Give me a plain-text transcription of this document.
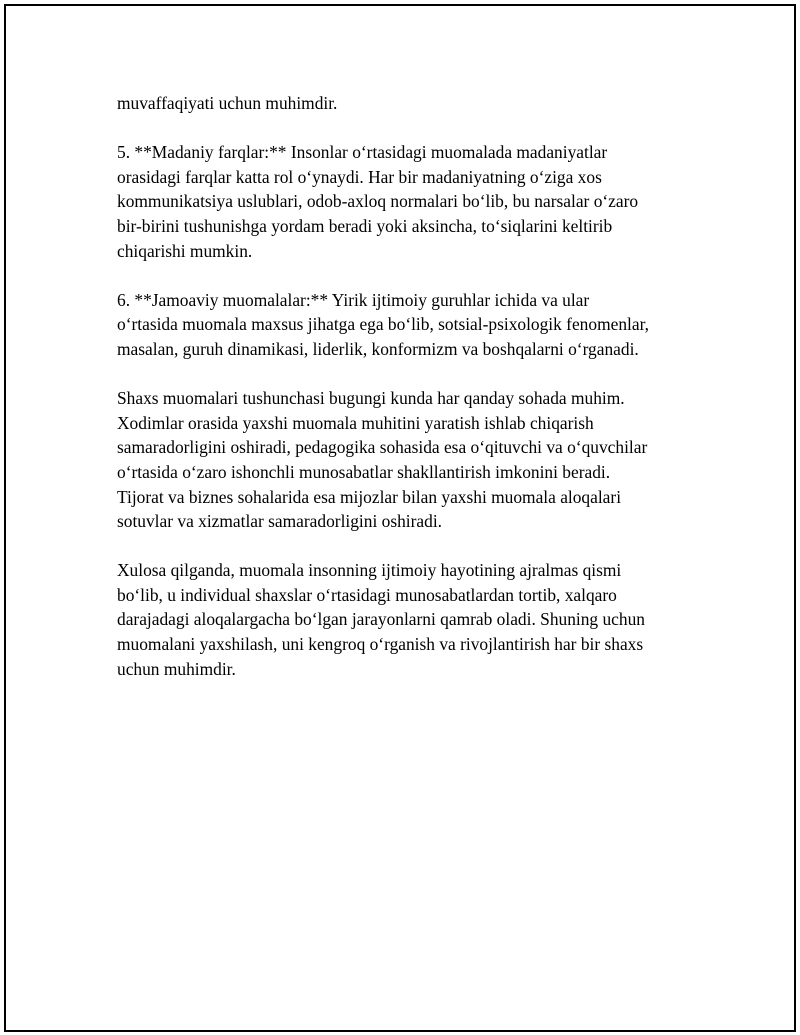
muvaffaqiyati uchun muhimdir.

5. **Madaniy farqlar:** Insonlar o‘rtasidagi muomalada madaniyatlar
orasidagi farqlar katta rol o‘ynaydi. Har bir madaniyatning o‘ziga xos
kommunikatsiya uslublari, odob-axloq normalari bo‘lib, bu narsalar o‘zaro
bir-birini tushunishga yordam beradi yoki aksincha, to‘siqlarini keltirib
chiqarishi mumkin.

6. **Jamoaviy muomalalar:** Yirik ijtimoiy guruhlar ichida va ular
o‘rtasida muomala maxsus jihatga ega bo‘lib, sotsial-psixologik fenomenlar,
masalan, guruh dinamikasi, liderlik, konformizm va boshqalarni o‘rganadi.

Shaxs muomalari tushunchasi bugungi kunda har qanday sohada muhim.
Xodimlar orasida yaxshi muomala muhitini yaratish ishlab chiqarish
samaradorligini oshiradi, pedagogika sohasida esa o‘qituvchi va o‘quvchilar
o‘rtasida o‘zaro ishonchli munosabatlar shakllantirish imkonini beradi.
Tijorat va biznes sohalarida esa mijozlar bilan yaxshi muomala aloqalari
sotuvlar va xizmatlar samaradorligini oshiradi.

Xulosa qilganda, muomala insonning ijtimoiy hayotining ajralmas qismi
bo‘lib, u individual shaxslar o‘rtasidagi munosabatlardan tortib, xalqaro
darajadagi aloqalargacha bo‘lgan jarayonlarni qamrab oladi. Shuning uchun
muomalani yaxshilash, uni kengroq o‘rganish va rivojlantirish har bir shaxs
uchun muhimdir.
